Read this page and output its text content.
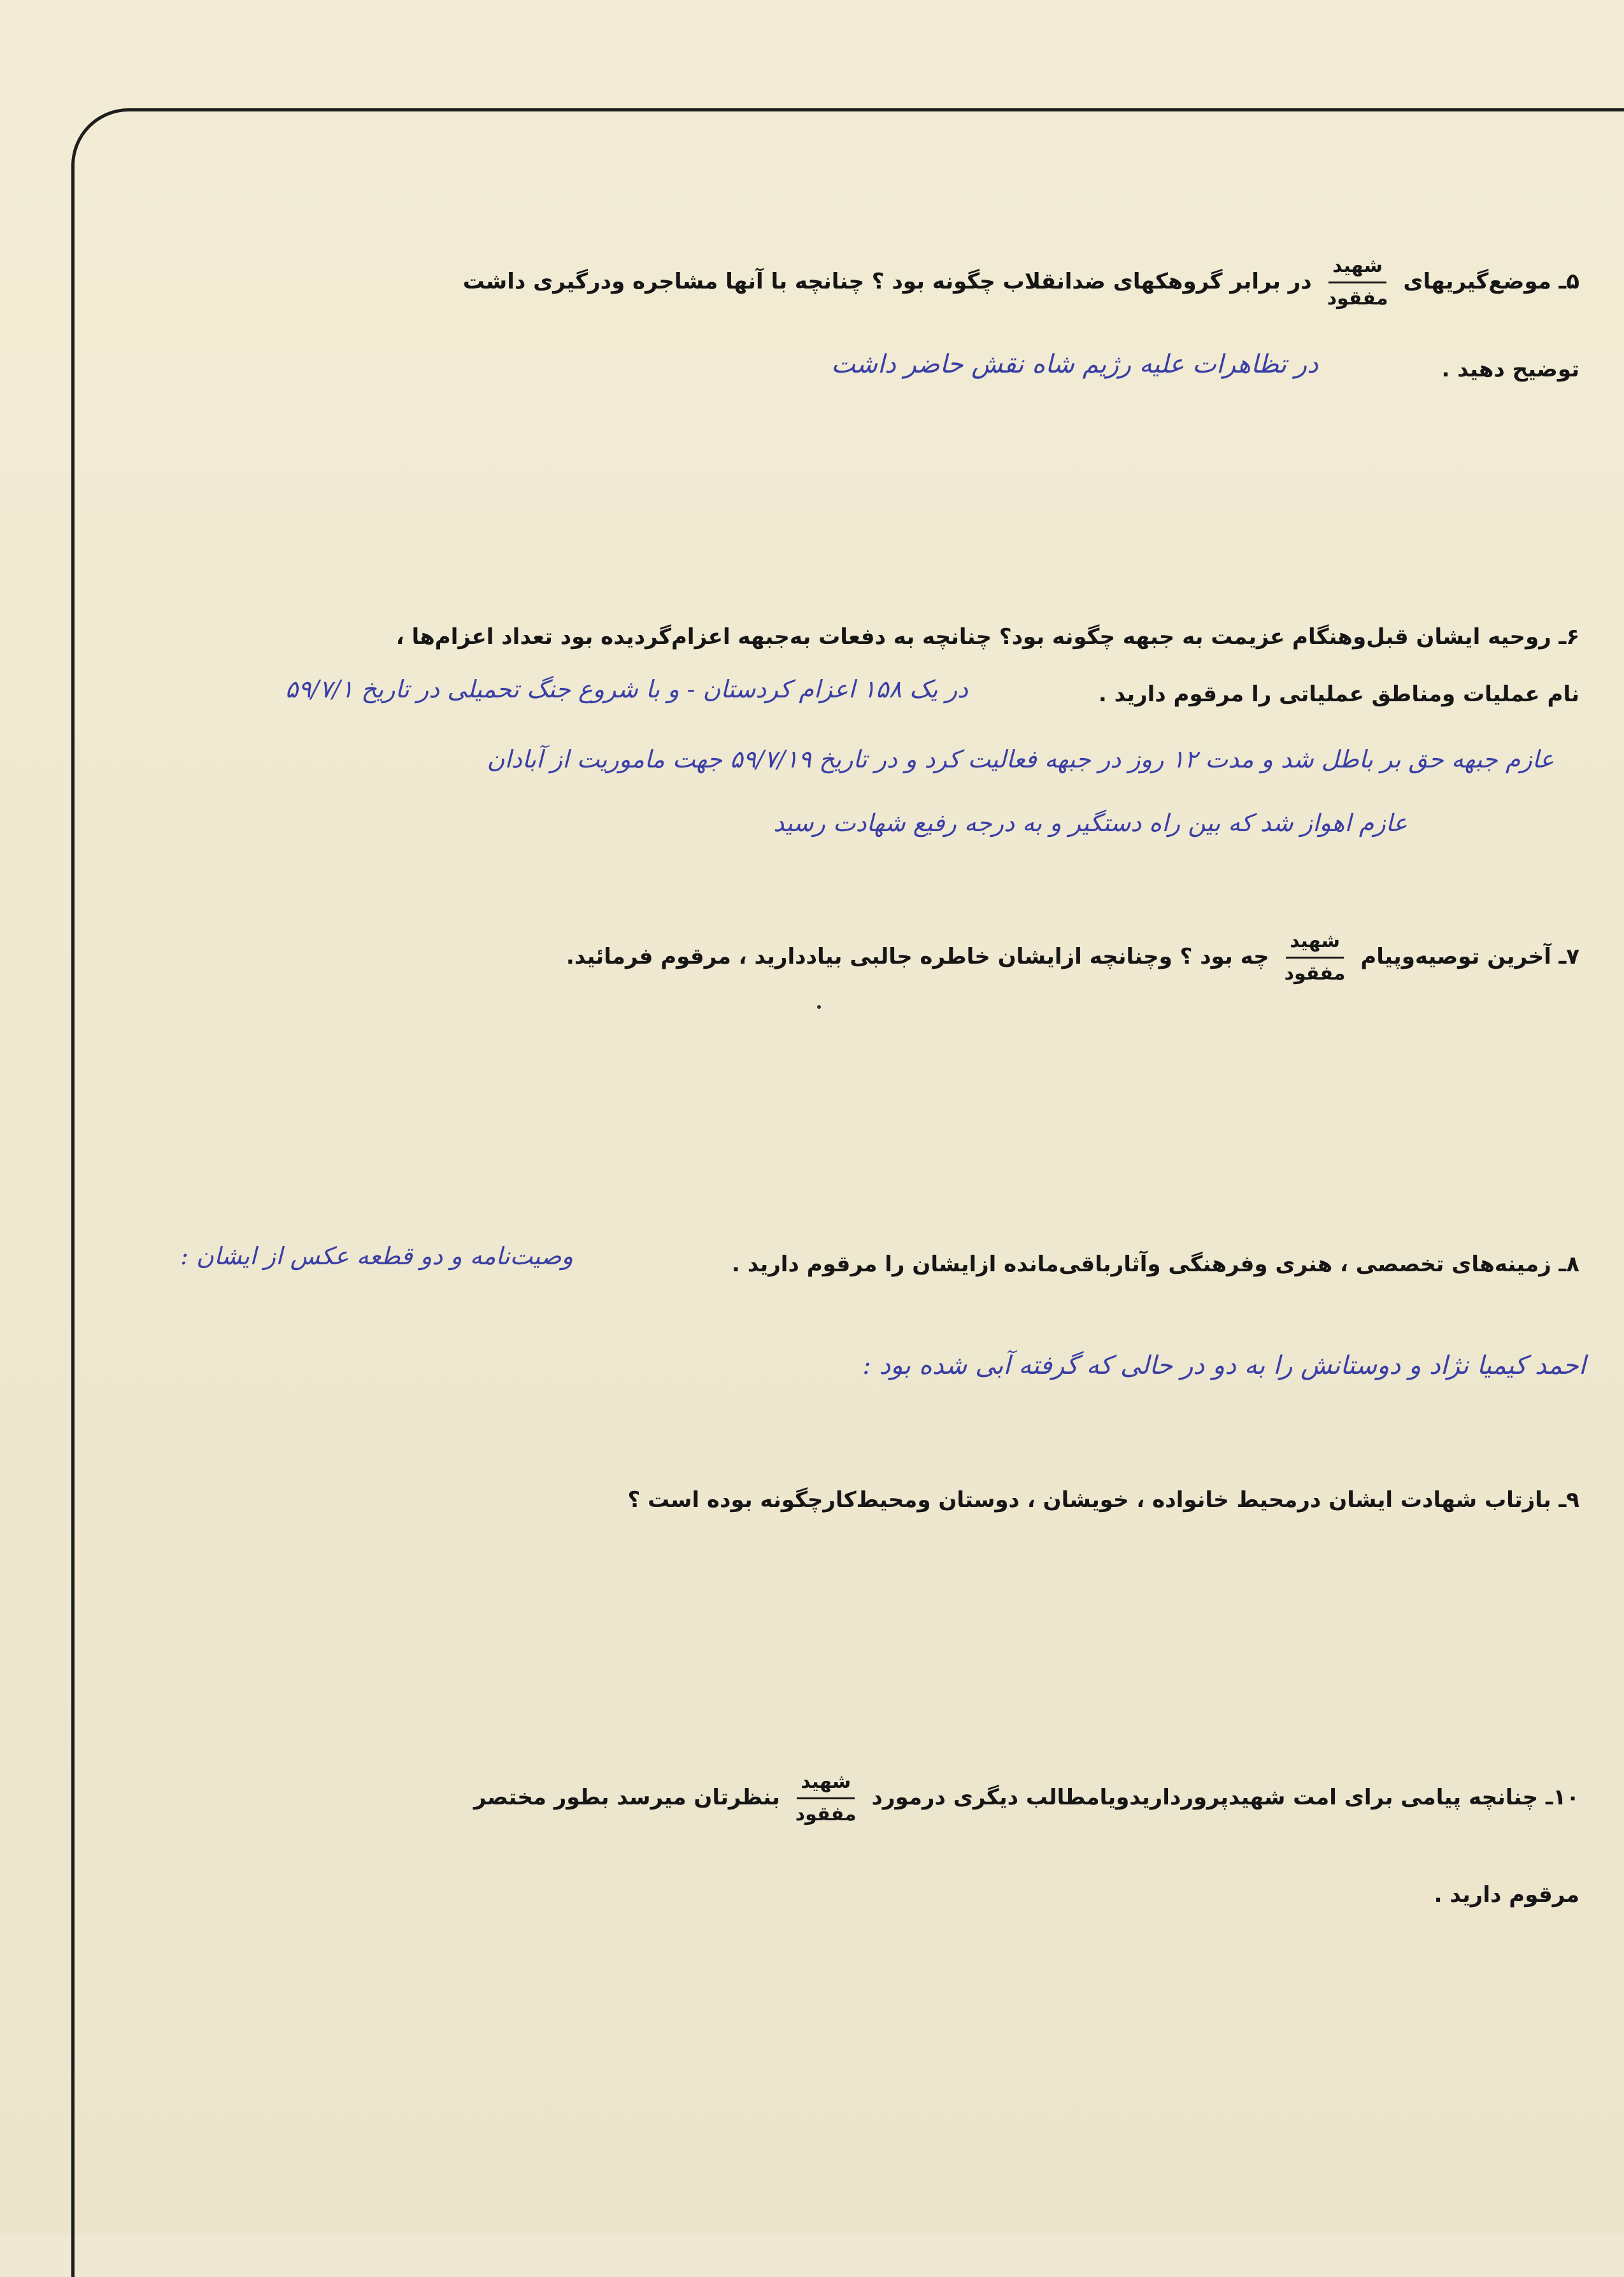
۵ـ موضع‌گیریهای
$\frac{\text{شهید}}{\text{مفقود}}$
در برابر گروهکهای ضدانقلاب چگونه بود ؟ چنانچه با آنها مشاجره ودرگیری داشت
توضیح دهید .
در تظاهرات علیه رژیم شاه نقش حاضر داشت
۶ـ روحیه ایشان قبل‌وهنگام عزیمت به جبهه چگونه بود؟ چنانچه به دفعات به‌جبهه اعزام‌گردیده بود تعداد اعزام‌ها ،
نام عملیات ومناطق عملیاتی را مرقوم دارید .
در یک ۱۵۸ اعزام کردستان - و با شروع جنگ تحمیلی در تاریخ ۵۹/۷/۱
عازم جبهه حق بر باطل شد و مدت ۱۲ روز در جبهه فعالیت کرد و در تاریخ ۵۹/۷/۱۹ جهت ماموریت از آبادان
عازم اهواز شد که بین راه دستگیر و به درجه رفیع شهادت رسید
۷ـ آخرین توصیه‌وپیام
$\frac{\text{شهید}}{\text{مفقود}}$
چه بود ؟ وچنانچه ازایشان خاطره جالبی بیاددارید ، مرقوم فرمائید.
۸ـ زمینه‌های تخصصی ، هنری وفرهنگی وآثارباقی‌مانده ازایشان را مرقوم دارید .
وصیت‌نامه و دو قطعه عکس از ایشان :
احمد کیمیا نژاد و دوستانش را به دو در حالی که گرفته آبی شده بود :
۹ـ بازتاب شهادت ایشان درمحیط خانواده ، خویشان ، دوستان ومحیط‌کارچگونه بوده است ؟
۱۰ـ چنانچه پیامی برای امت شهیدپرورداریدویامطالب دیگری درمورد
$\frac{\text{شهید}}{\text{مفقود}}$
بنظرتان میرسد بطور مختصر
مرقوم دارید .
